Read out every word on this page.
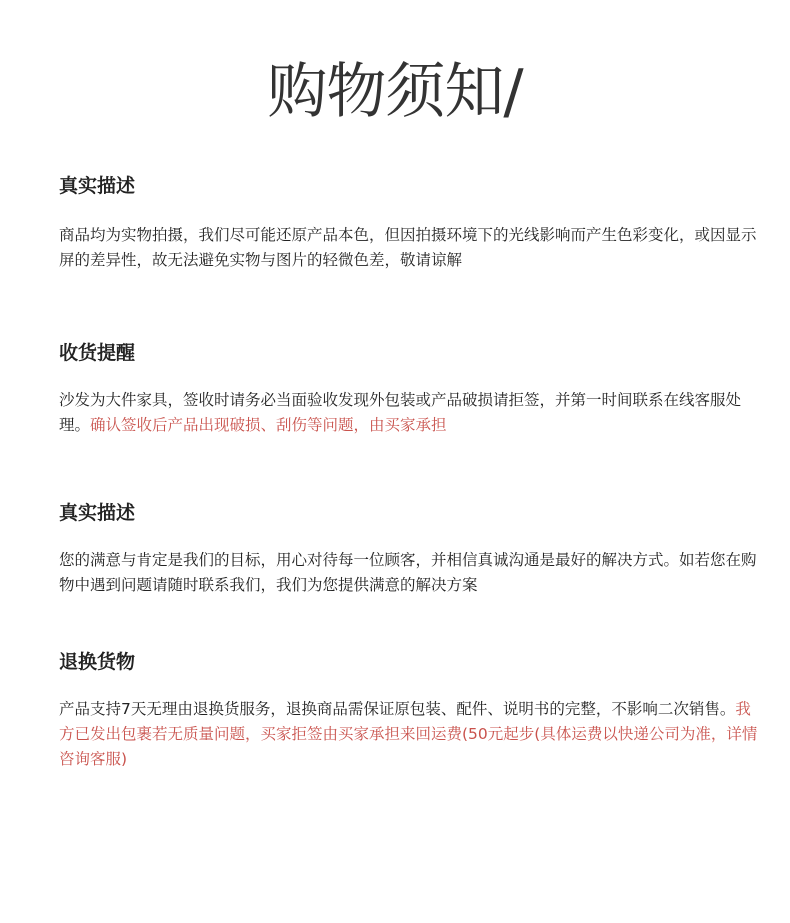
购物须知/
真实描述

商品均为实物拍摄，我们尽可能还原产品本色，但因拍摄环境下的光线影响而产生色彩变化，或因显示屏的差异性，故无法避免实物与图片的轻微色差，敬请谅解

收货提醒

沙发为大件家具，签收时请务必当面验收发现外包装或产品破损请拒签，并第一时间联系在线客服处理。确认签收后产品出现破损、刮伤等问题，由买家承担

真实描述

您的满意与肯定是我们的目标，用心对待每一位顾客，并相信真诚沟通是最好的解决方式。如若您在购物中遇到问题请随时联系我们，我们为您提供满意的解决方案

退换货物

产品支持7天无理由退换货服务，退换商品需保证原包装、配件、说明书的完整，不影响二次销售。我方已发出包裹若无质量问题，买家拒签由买家承担来回运费(50元起步(具体运费以快递公司为准，详情咨询客服)
